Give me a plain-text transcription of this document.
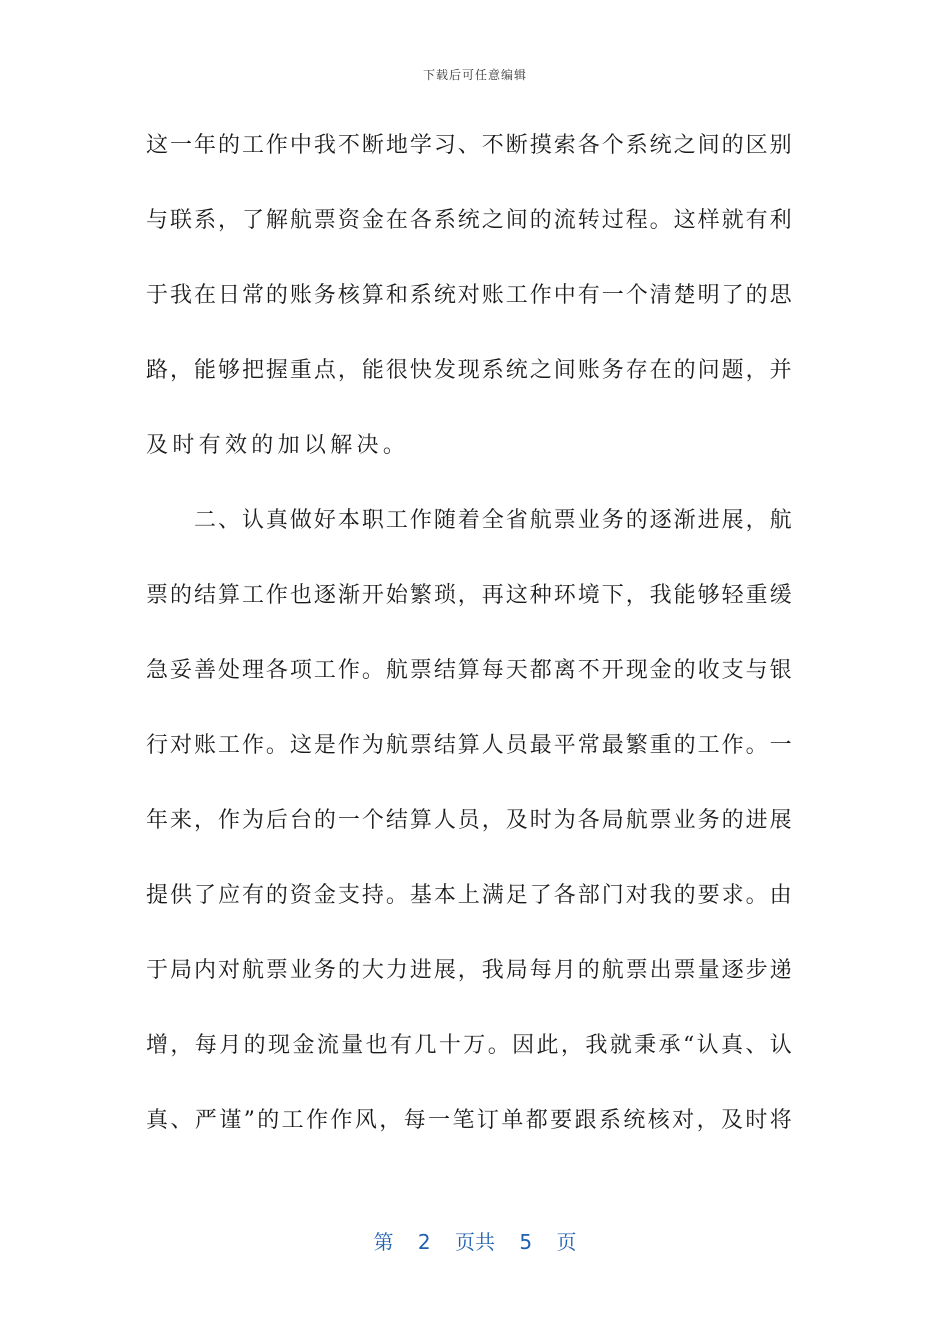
下载后可任意编辑
这 一 年 的 工 作 中 我 不 断 地 学 习 、 不 断 摸 索 各 个 系 统 之 间 的 区 别
与 联 系 ， 了 解 航 票 资 金 在 各 系 统 之 间 的 流 转 过 程 。 这 样 就 有 利
于 我 在 日 常 的 账 务 核 算 和 系 统 对 账 工 作 中 有 一 个 清 楚 明 了 的 思
路 ， 能 够 把 握 重 点 ， 能 很 快 发 现 系 统 之 间 账 务 存 在 的 问 题 ， 并
及 时 有 效 的 加 以 解 决 。

二 、 认 真 做 好 本 职 工 作 随 着 全 省 航 票 业 务 的 逐 渐 进 展 ， 航
票 的 结 算 工 作 也 逐 渐 开 始 繁 琐 ， 再 这 种 环 境 下 ， 我 能 够 轻 重 缓
急 妥 善 处 理 各 项 工 作 。 航 票 结 算 每 天 都 离 不 开 现 金 的 收 支 与 银
行 对 账 工 作 。 这 是 作 为 航 票 结 算 人 员 最 平 常 最 繁 重 的 工 作 。 一
年 来 ， 作 为 后 台 的 一 个 结 算 人 员 ， 及 时 为 各 局 航 票 业 务 的 进 展
提 供 了 应 有 的 资 金 支 持 。 基 本 上 满 足 了 各 部 门 对 我 的 要 求 。 由
于 局 内 对 航 票 业 务 的 大 力 进 展 ， 我 局 每 月 的 航 票 出 票 量 逐 步 递
增 ， 每 月 的 现 金 流 量 也 有 几 十 万 。 因 此 ， 我 就 秉 承 “ 认 真 、 认
真 、 严 谨 ” 的 工 作 作 风 ， 每 一 笔 订 单 都 要 跟 系 统 核 对 ， 及 时 将
第 2 页共 5 页
